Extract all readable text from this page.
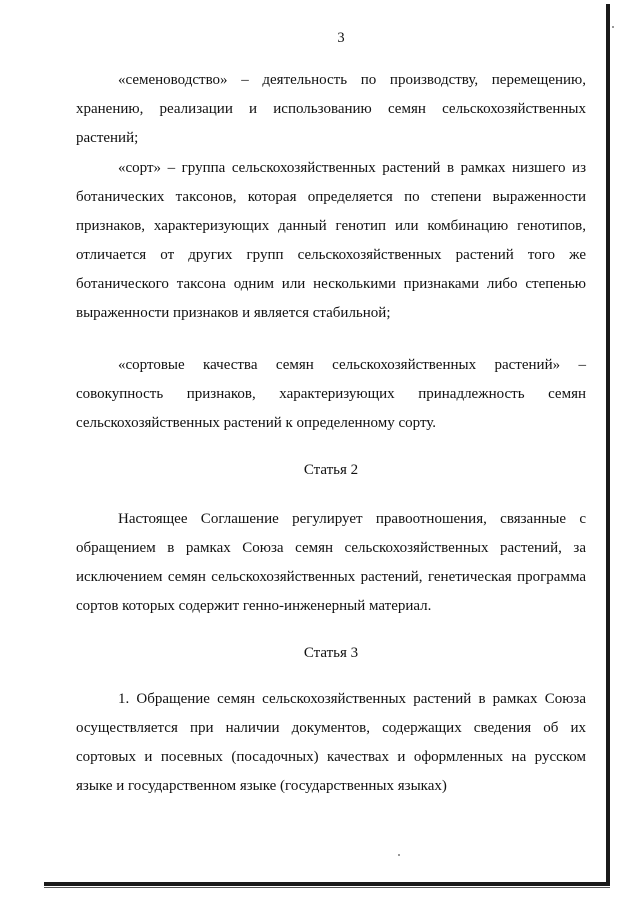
3

«семеноводство» – деятельность по производству, перемещению, хранению, реализации и использованию семян сельскохозяйственных растений;

«сорт» – группа сельскохозяйственных растений в рамках низшего из ботанических таксонов, которая определяется по степени выраженности признаков, характеризующих данный генотип или комбинацию генотипов, отличается от других групп сельскохозяйственных растений того же ботанического таксона одним или несколькими признаками либо степенью выраженности признаков и является стабильной;

«сортовые качества семян сельскохозяйственных растений» – совокупность признаков, характеризующих принадлежность семян сельскохозяйственных растений к определенному сорту.

Статья 2

Настоящее Соглашение регулирует правоотношения, связанные с обращением в рамках Союза семян сельскохозяйственных растений, за исключением семян сельскохозяйственных растений, генетическая программа сортов которых содержит генно-инженерный материал.

Статья 3

1. Обращение семян сельскохозяйственных растений в рамках Союза осуществляется при наличии документов, содержащих сведения об их сортовых и посевных (посадочных) качествах и оформленных на русском языке и государственном языке (государственных языках)
